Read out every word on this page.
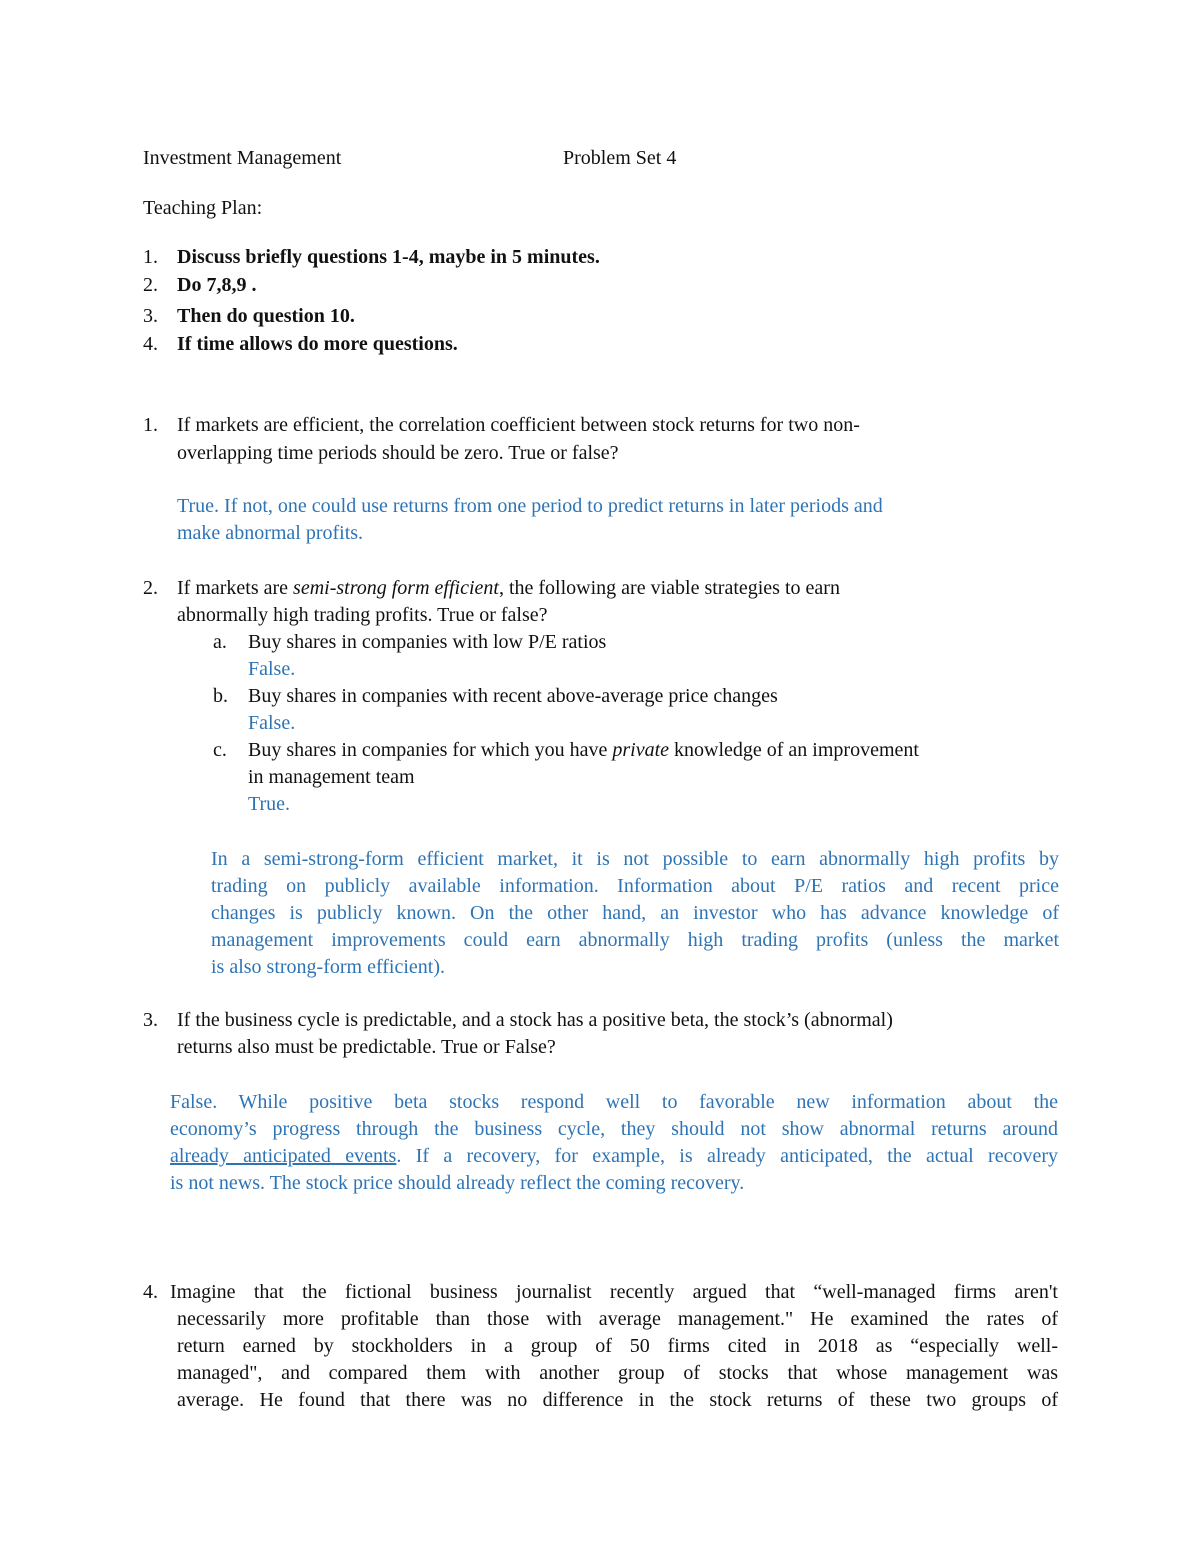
Investment Management	Problem Set 4
Teaching Plan:
1. Discuss briefly questions 1-4, maybe in 5 minutes.
2. Do 7,8,9 .
3. Then do question 10.
4. If time allows do more questions.
1. If markets are efficient, the correlation coefficient between stock returns for two non-
overlapping time periods should be zero. True or false?
True. If not, one could use returns from one period to predict returns in later periods and
make abnormal profits.
2. If markets are semi-strong form efficient, the following are viable strategies to earn
abnormally high trading profits. True or false?
a. Buy shares in companies with low P/E ratios
False.
b. Buy shares in companies with recent above-average price changes
False.
c. Buy shares in companies for which you have private knowledge of an improvement
in management team
True.
In a semi-strong-form efficient market, it is not possible to earn abnormally high profits by
trading on publicly available information. Information about P/E ratios and recent price
changes is publicly known. On the other hand, an investor who has advance knowledge of
management improvements could earn abnormally high trading profits (unless the market
is also strong-form efficient).
3. If the business cycle is predictable, and a stock has a positive beta, the stock’s (abnormal)
returns also must be predictable. True or False?
False. While positive beta stocks respond well to favorable new information about the
economy’s progress through the business cycle, they should not show abnormal returns around
already anticipated events. If a recovery, for example, is already anticipated, the actual recovery
is not news. The stock price should already reflect the coming recovery.
4. Imagine that the fictional business journalist recently argued that “well-managed firms aren't
necessarily more profitable than those with average management." He examined the rates of
return earned by stockholders in a group of 50 firms cited in 2018 as “especially well-
managed", and compared them with another group of stocks that whose management was
average. He found that there was no difference in the stock returns of these two groups of
